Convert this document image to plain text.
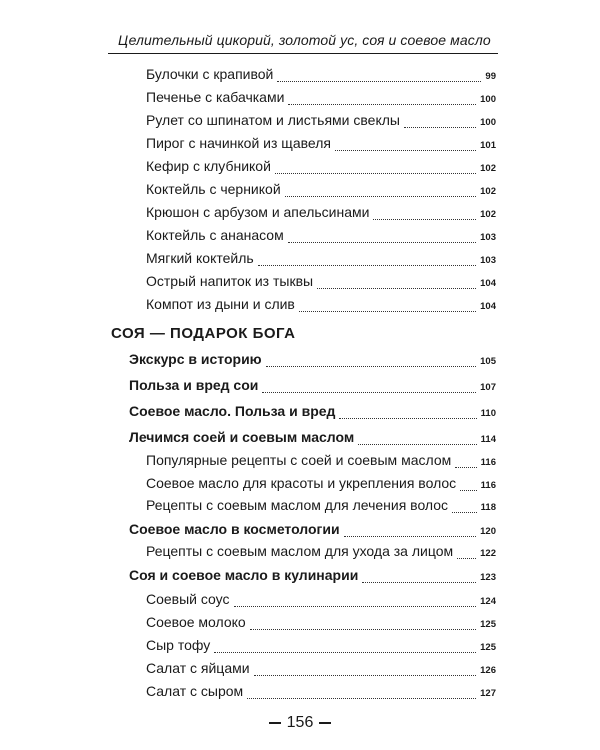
Целительный цикорий, золотой ус, соя и соевое масло
Булочки с крапивой	99
Печенье с кабачками	100
Рулет со шпинатом и листьями свеклы	100
Пирог с начинкой из щавеля	101
Кефир с клубникой	102
Коктейль с черникой	102
Крюшон с арбузом и апельсинами	102
Коктейль с ананасом	103
Мягкий коктейль	103
Острый напиток из тыквы	104
Компот из дыни и слив	104
СОЯ — ПОДАРОК БОГА
Экскурс в историю	105
Польза и вред сои	107
Соевое масло. Польза и вред	110
Лечимся соей и соевым маслом	114
Популярные рецепты с соей и соевым маслом	116
Соевое масло для красоты и укрепления волос	116
Рецепты с соевым маслом для лечения волос	118
Соевое масло в косметологии	120
Рецепты с соевым маслом для ухода за лицом	122
Соя и соевое масло в кулинарии	123
Соевый соус	124
Соевое молоко	125
Сыр тофу	125
Салат с яйцами	126
Салат с сыром	127
156
